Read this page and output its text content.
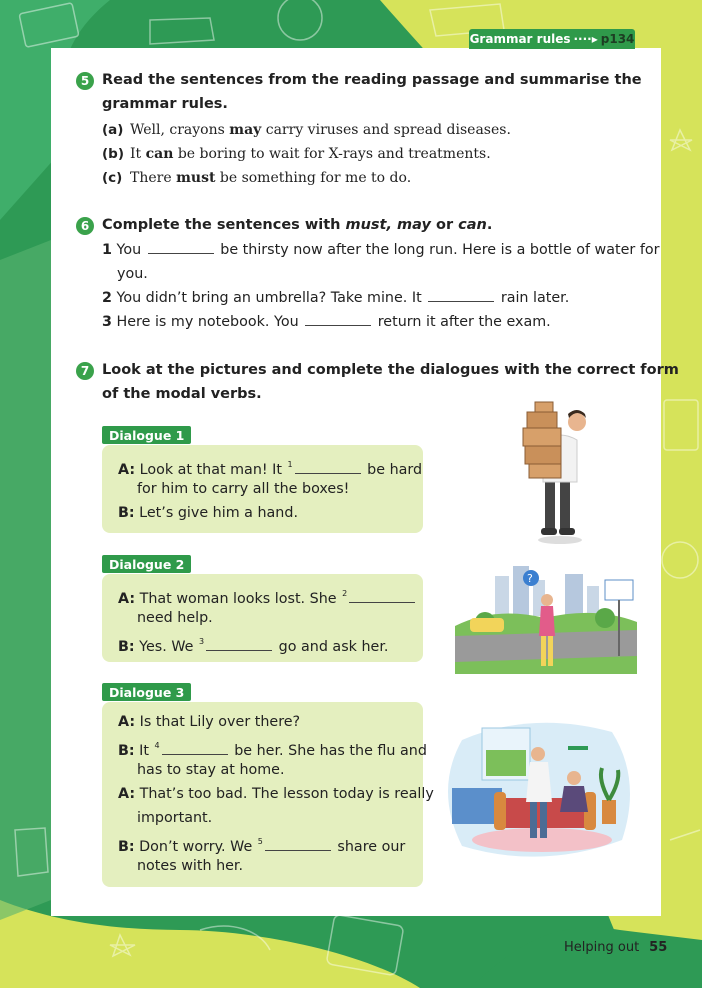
Grammar rules ····▸ p134
5 Read the sentences from the reading passage and summarise the
grammar rules.
(a) Well, crayons may carry viruses and spread diseases.
(b) It can be boring to wait for X-rays and treatments.
(c) There must be something for me to do.
6 Complete the sentences with must, may or can.
1 You	be thirsty now after the long run. Here is a bottle of water for
you.
2 You didn’t bring an umbrella? Take mine. It	rain later.
3 Here is my notebook. You	return it after the exam.
7 Look at the pictures and complete the dialogues with the correct form
of the modal verbs.
Dialogue 1
A: Look at that man! It $^1$	be hard
for him to carry all the boxes!
B: Let’s give him a hand.
Dialogue 2
A: That woman looks lost. She $^2$
need help.
B: Yes. We $^3$	go and ask her.
Dialogue 3
A: Is that Lily over there?
B: It $^4$	be her. She has the flu and
has to stay at home.
A: That’s too bad. The lesson today is really
important.
B: Don’t worry. We $^5$	share our
notes with her.
?
Helping out 55
